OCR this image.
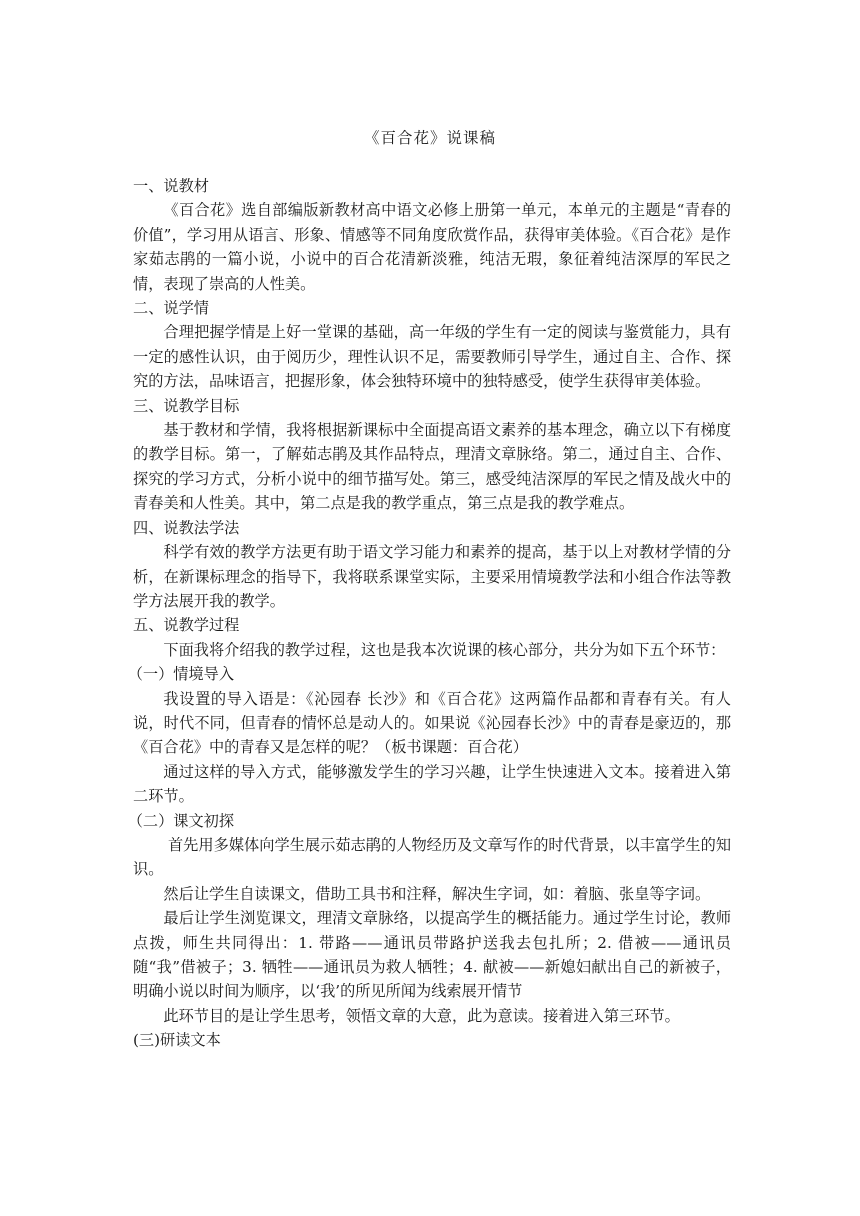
《百合花》说课稿

一、说教材

《百合花》选自部编版新教材高中语文必修上册第一单元，本单元的主题是“青春的价值”，学习用从语言、形象、情感等不同角度欣赏作品，获得审美体验。《百合花》是作家茹志鹃的一篇小说，小说中的百合花清新淡雅，纯洁无瑕，象征着纯洁深厚的军民之情，表现了崇高的人性美。

二、说学情

合理把握学情是上好一堂课的基础，高一年级的学生有一定的阅读与鉴赏能力，具有一定的感性认识，由于阅历少，理性认识不足，需要教师引导学生，通过自主、合作、探究的方法，品味语言，把握形象，体会独特环境中的独特感受，使学生获得审美体验。

三、说教学目标

基于教材和学情，我将根据新课标中全面提高语文素养的基本理念，确立以下有梯度的教学目标。第一，了解茹志鹃及其作品特点，理清文章脉络。第二，通过自主、合作、探究的学习方式，分析小说中的细节描写处。第三，感受纯洁深厚的军民之情及战火中的青春美和人性美。其中，第二点是我的教学重点，第三点是我的教学难点。

四、说教法学法

科学有效的教学方法更有助于语文学习能力和素养的提高，基于以上对教材学情的分析，在新课标理念的指导下，我将联系课堂实际，主要采用情境教学法和小组合作法等教学方法展开我的教学。

五、说教学过程

下面我将介绍我的教学过程，这也是我本次说课的核心部分，共分为如下五个环节：

（一）情境导入

我设置的导入语是：《沁园春 长沙》和《百合花》这两篇作品都和青春有关。有人说，时代不同，但青春的情怀总是动人的。如果说《沁园春长沙》中的青春是豪迈的，那《百合花》中的青春又是怎样的呢？（板书课题：百合花）

通过这样的导入方式，能够激发学生的学习兴趣，让学生快速进入文本。接着进入第二环节。

（二）课文初探

首先用多媒体向学生展示茹志鹃的人物经历及文章写作的时代背景，以丰富学生的知识。

然后让学生自读课文，借助工具书和注释，解决生字词，如：着脑、张皇等字词。

最后让学生浏览课文，理清文章脉络，以提高学生的概括能力。通过学生讨论，教师点拨，师生共同得出：1. 带路——通讯员带路护送我去包扎所；2. 借被——通讯员随“我”借被子；3. 牺牲——通讯员为救人牺牲；4. 献被——新媳妇献出自己的新被子，明确小说以时间为顺序，以‘我’的所见所闻为线索展开情节

此环节目的是让学生思考，领悟文章的大意，此为意读。接着进入第三环节。

(三)研读文本
